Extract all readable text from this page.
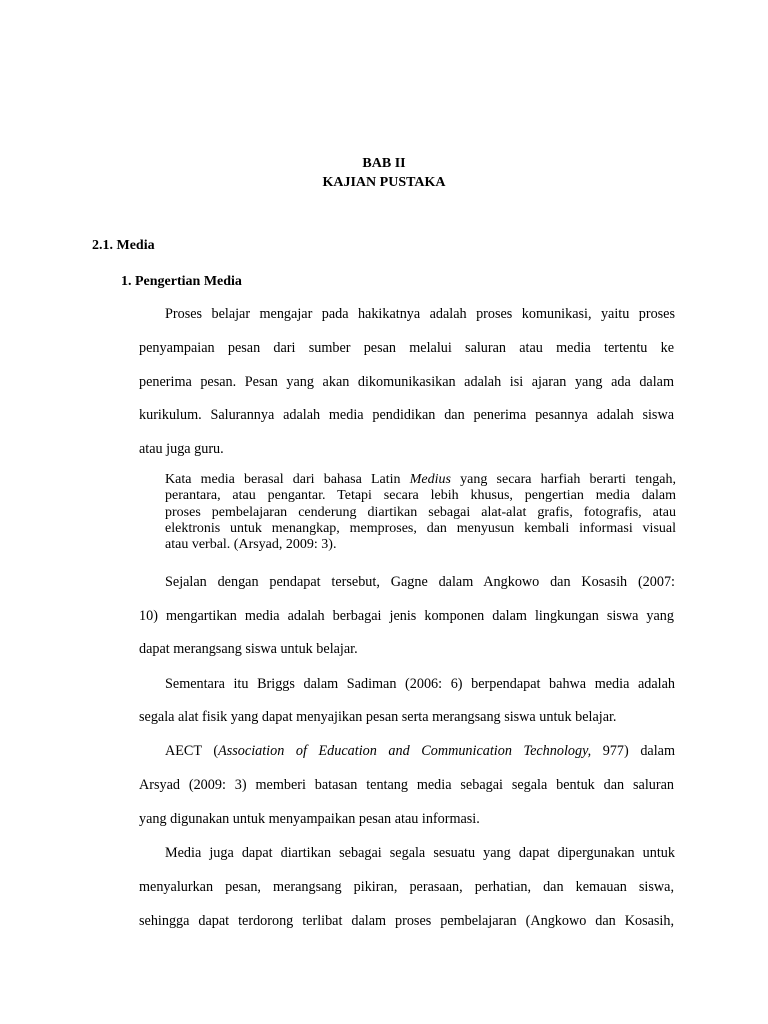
BAB II
KAJIAN PUSTAKA
2.1. Media
1. Pengertian Media
Proses belajar mengajar pada hakikatnya adalah proses komunikasi, yaitu proses
penyampaian pesan dari sumber pesan melalui saluran atau media tertentu ke
penerima pesan. Pesan yang akan dikomunikasikan adalah isi ajaran yang ada dalam
kurikulum. Salurannya adalah media pendidikan dan penerima pesannya adalah siswa
atau juga guru.
Kata media berasal dari bahasa Latin Medius yang secara harfiah berarti tengah,
perantara, atau pengantar. Tetapi secara lebih khusus, pengertian media dalam
proses pembelajaran cenderung diartikan sebagai alat-alat grafis, fotografis, atau
elektronis untuk menangkap, memproses, dan menyusun kembali informasi visual
atau verbal. (Arsyad, 2009: 3).
Sejalan dengan pendapat tersebut, Gagne dalam Angkowo dan Kosasih (2007:
10) mengartikan media adalah berbagai jenis komponen dalam lingkungan siswa yang
dapat merangsang siswa untuk belajar.
Sementara itu Briggs dalam Sadiman (2006: 6) berpendapat bahwa media adalah
segala alat fisik yang dapat menyajikan pesan serta merangsang siswa untuk belajar.
AECT (Association of Education and Communication Technology, 977) dalam
Arsyad (2009: 3) memberi batasan tentang media sebagai segala bentuk dan saluran
yang digunakan untuk menyampaikan pesan atau informasi.
Media juga dapat diartikan sebagai segala sesuatu yang dapat dipergunakan untuk
menyalurkan pesan, merangsang pikiran, perasaan, perhatian, dan kemauan siswa,
sehingga dapat terdorong terlibat dalam proses pembelajaran (Angkowo dan Kosasih,
